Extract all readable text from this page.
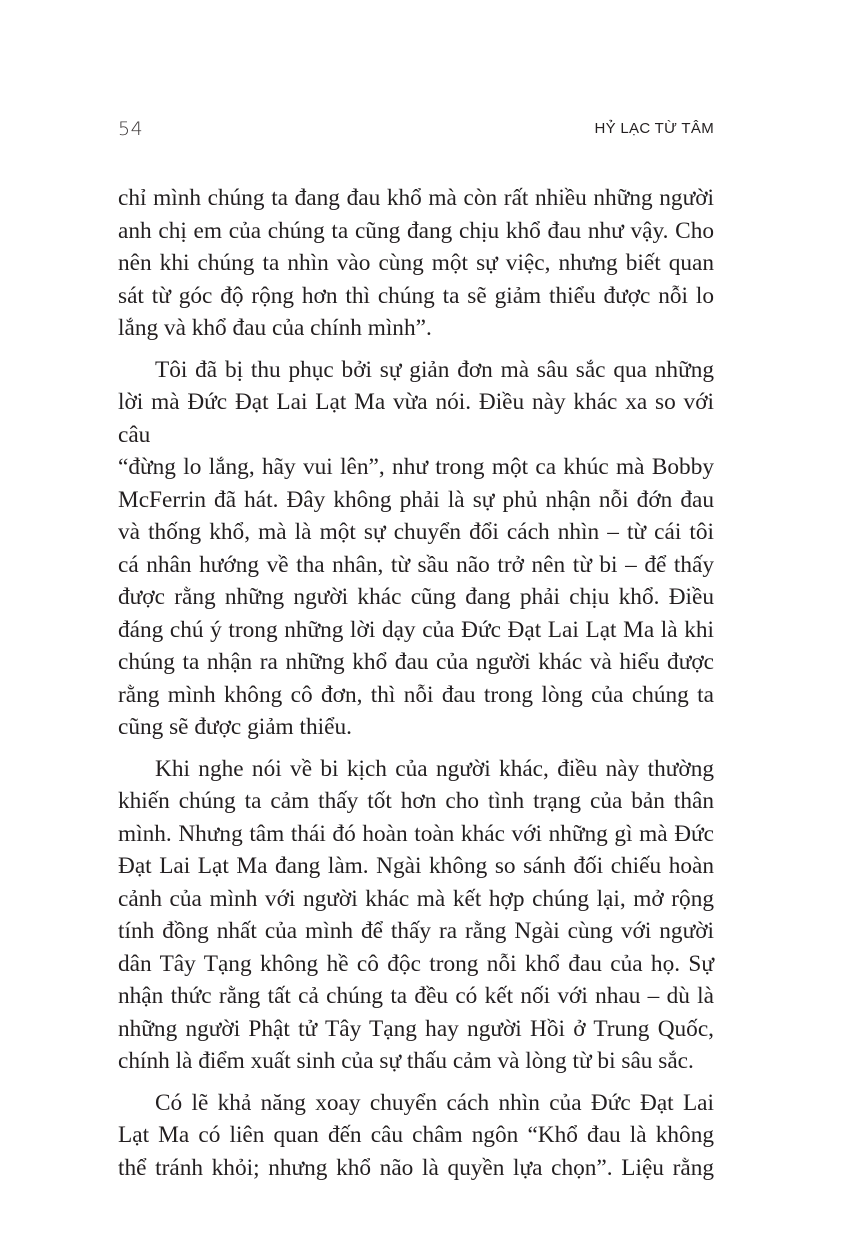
54	HỶ LẠC TỪ TÂM

chỉ mình chúng ta đang đau khổ mà còn rất nhiều những người
anh chị em của chúng ta cũng đang chịu khổ đau như vậy. Cho
nên khi chúng ta nhìn vào cùng một sự việc, nhưng biết quan
sát từ góc độ rộng hơn thì chúng ta sẽ giảm thiểu được nỗi lo
lắng và khổ đau của chính mình”.

Tôi đã bị thu phục bởi sự giản đơn mà sâu sắc qua những
lời mà Đức Đạt Lai Lạt Ma vừa nói. Điều này khác xa so với câu
“đừng lo lắng, hãy vui lên”, như trong một ca khúc mà Bobby
McFerrin đã hát. Đây không phải là sự phủ nhận nỗi đớn đau
và thống khổ, mà là một sự chuyển đổi cách nhìn – từ cái tôi
cá nhân hướng về tha nhân, từ sầu não trở nên từ bi – để thấy
được rằng những người khác cũng đang phải chịu khổ. Điều
đáng chú ý trong những lời dạy của Đức Đạt Lai Lạt Ma là khi
chúng ta nhận ra những khổ đau của người khác và hiểu được
rằng mình không cô đơn, thì nỗi đau trong lòng của chúng ta
cũng sẽ được giảm thiểu.

Khi nghe nói về bi kịch của người khác, điều này thường
khiến chúng ta cảm thấy tốt hơn cho tình trạng của bản thân
mình. Nhưng tâm thái đó hoàn toàn khác với những gì mà Đức
Đạt Lai Lạt Ma đang làm. Ngài không so sánh đối chiếu hoàn
cảnh của mình với người khác mà kết hợp chúng lại, mở rộng
tính đồng nhất của mình để thấy ra rằng Ngài cùng với người
dân Tây Tạng không hề cô độc trong nỗi khổ đau của họ. Sự
nhận thức rằng tất cả chúng ta đều có kết nối với nhau – dù là
những người Phật tử Tây Tạng hay người Hồi ở Trung Quốc,
chính là điểm xuất sinh của sự thấu cảm và lòng từ bi sâu sắc.

Có lẽ khả năng xoay chuyển cách nhìn của Đức Đạt Lai
Lạt Ma có liên quan đến câu châm ngôn “Khổ đau là không
thể tránh khỏi; nhưng khổ não là quyền lựa chọn”. Liệu rằng
